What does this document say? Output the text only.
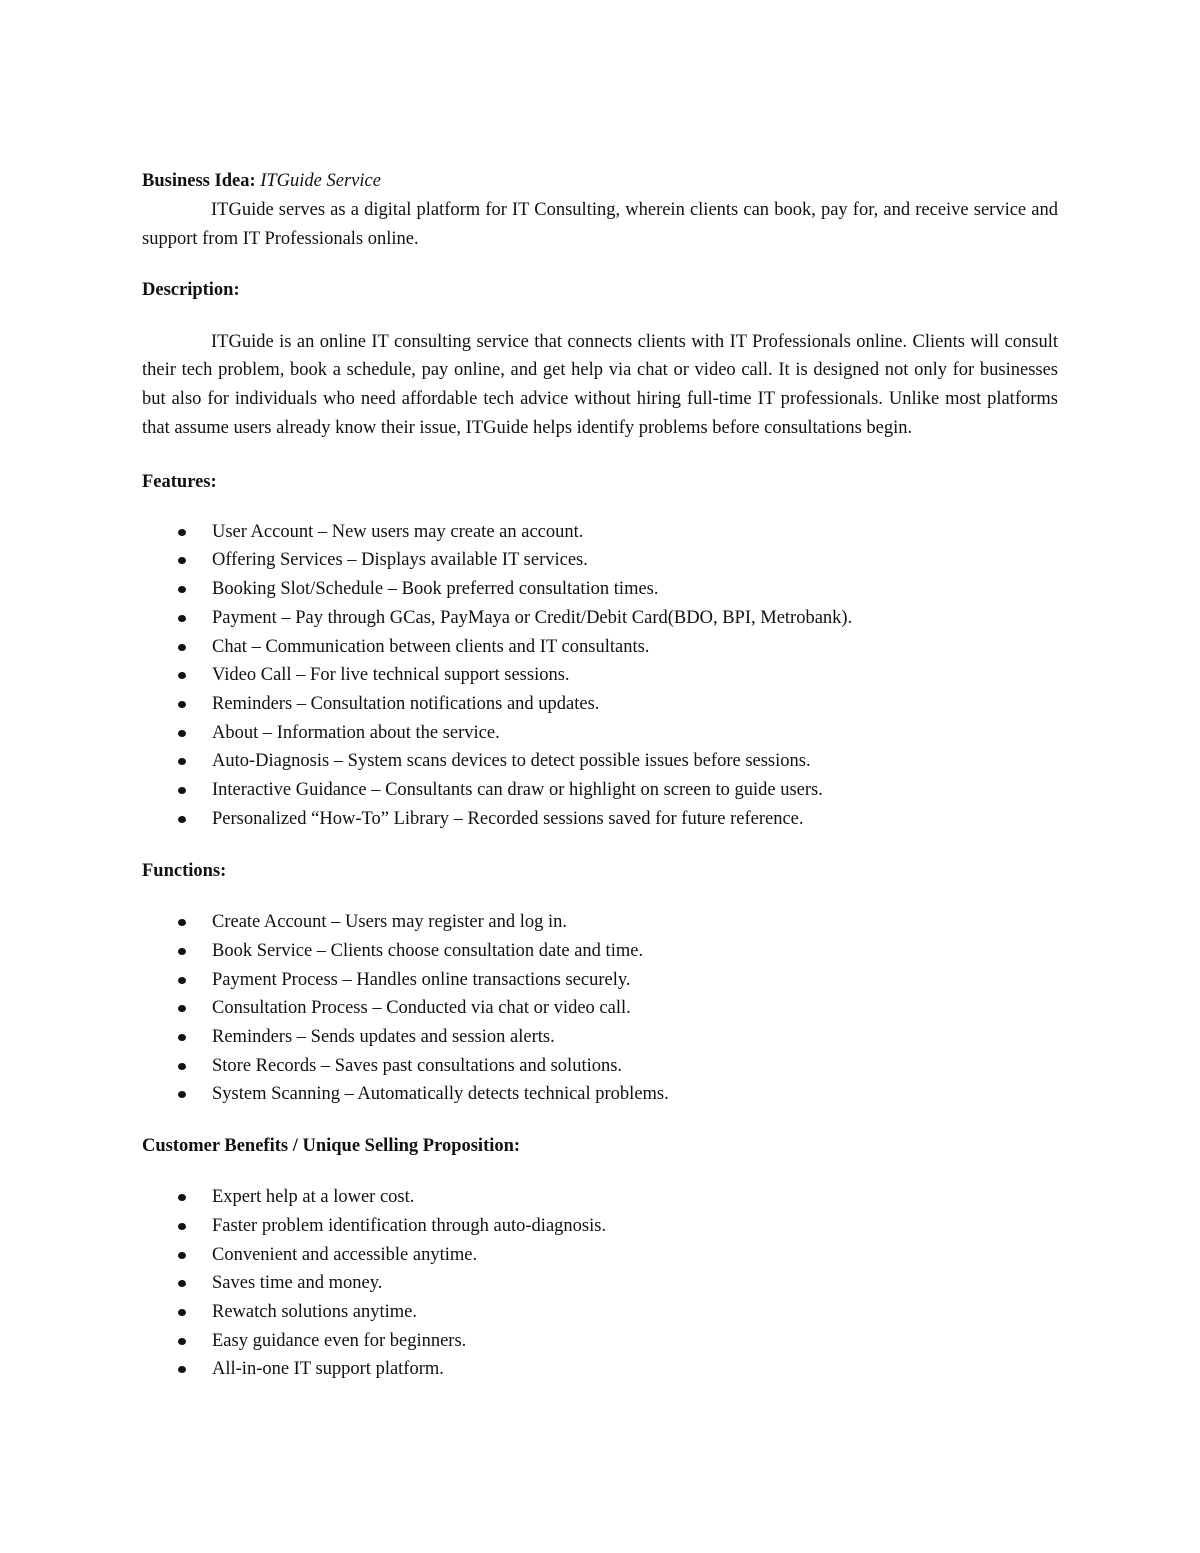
Business Idea: ITGuide Service

ITGuide serves as a digital platform for IT Consulting, wherein clients can book, pay for, and receive service and support from IT Professionals online.

Description:

ITGuide is an online IT consulting service that connects clients with IT Professionals online. Clients will consult their tech problem, book a schedule, pay online, and get help via chat or video call. It is designed not only for businesses but also for individuals who need affordable tech advice without hiring full-time IT professionals. Unlike most platforms that assume users already know their issue, ITGuide helps identify problems before consultations begin.

Features:
User Account – New users may create an account.
Offering Services – Displays available IT services.
Booking Slot/Schedule – Book preferred consultation times.
Payment – Pay through GCas, PayMaya or Credit/Debit Card(BDO, BPI, Metrobank).
Chat – Communication between clients and IT consultants.
Video Call – For live technical support sessions.
Reminders – Consultation notifications and updates.
About – Information about the service.
Auto-Diagnosis – System scans devices to detect possible issues before sessions.
Interactive Guidance – Consultants can draw or highlight on screen to guide users.
Personalized “How-To” Library – Recorded sessions saved for future reference.
Functions:
Create Account – Users may register and log in.
Book Service – Clients choose consultation date and time.
Payment Process – Handles online transactions securely.
Consultation Process – Conducted via chat or video call.
Reminders – Sends updates and session alerts.
Store Records – Saves past consultations and solutions.
System Scanning – Automatically detects technical problems.
Customer Benefits / Unique Selling Proposition:
Expert help at a lower cost.
Faster problem identification through auto-diagnosis.
Convenient and accessible anytime.
Saves time and money.
Rewatch solutions anytime.
Easy guidance even for beginners.
All-in-one IT support platform.
